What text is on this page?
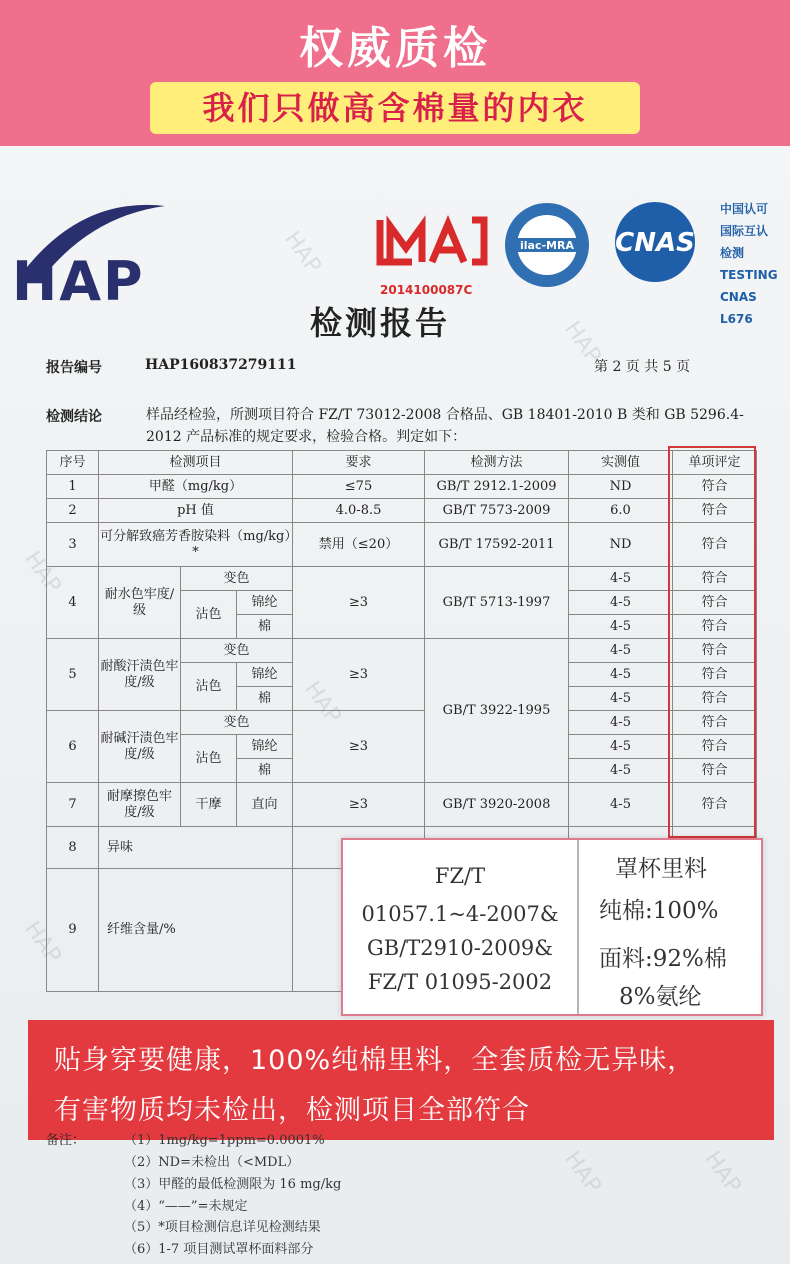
权威质检
我们只做高含棉量的内衣
HAP
HAP
HAP
HAP
HAP
HAP	HAP
HAP
ilac-MRA CNAS
2014100087C
中国认可
国际互认
检测
TESTING
CNAS L676
检测报告
报告编号	HAP160837279111	第 2 页 共 5 页
检测结论	样品经检验，所测项目符合 FZ/T 73012-2008 合格品、GB 18401-2010 B 类和 GB 5296.4-2012 产品标准的规定要求，检验合格。判定如下：
序号	检测项目			要求	检测方法	实测值	单项评定
1	甲醛（mg/kg）			≤75	GB/T 2912.1-2009	ND	符合
2	pH 值			4.0-8.5	GB/T 7573-2009	6.0	符合
3	可分解致癌芳香胺染料（mg/kg）*			禁用（≤20）	GB/T 17592-2011	ND	符合
4	耐水色牢度/级	变色		≥3	GB/T 5713-1997	4-5	符合
		沾色	锦纶			4-5	符合
			棉			4-5	符合
5	耐酸汗渍色牢度/级	变色		≥3	GB/T 3922-1995	4-5	符合
		沾色	锦纶			4-5	符合
			棉			4-5	符合
6	耐碱汗渍色牢度/级	变色		≥3		4-5	符合
		沾色	锦纶			4-5	符合
			棉			4-5	符合
7	耐摩擦色牢度/级	干摩	直向	≥3	GB/T 3920-2008	4-5	符合
8	异味						
9	纤维含量/%						
FZ/T
01057.1~4-2007&
GB/T2910-2009&
FZ/T 01095-2002
罩杯里料
纯棉:100%
面料:92%棉
8%氨纶
贴身穿要健康，100%纯棉里料，全套质检无异味，
有害物质均未检出，检测项目全部符合
备注：	（1）1mg/kg=1ppm=0.0001%
（2）ND=未检出（<MDL）
（3）甲醛的最低检测限为 16 mg/kg
（4）“——”=未规定
（5）*项目检测信息详见检测结果
（6）1-7 项目测试罩杯面料部分
